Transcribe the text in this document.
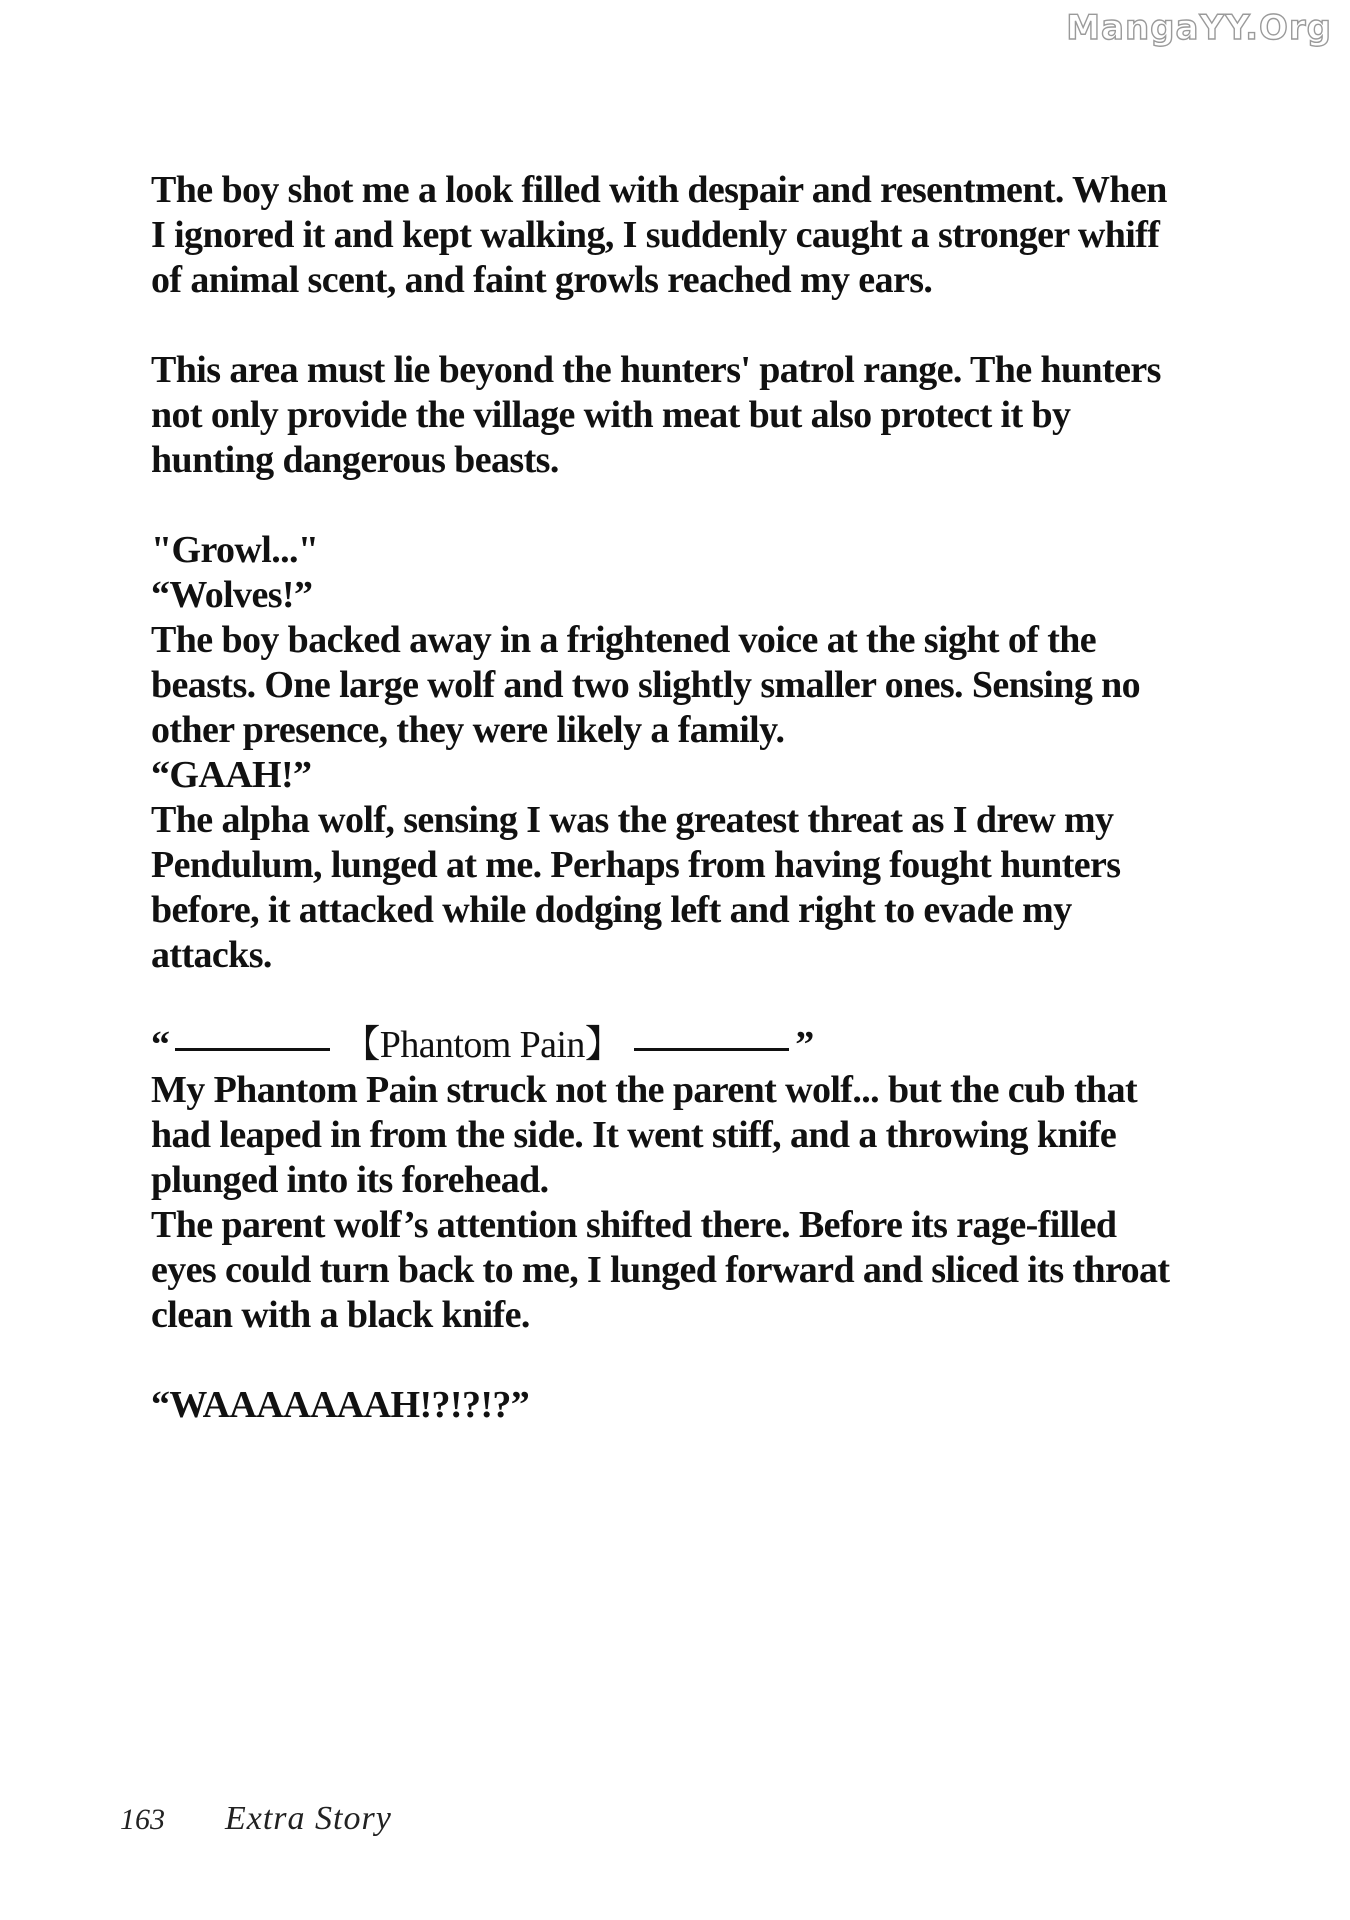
MangaYY.Org

The boy shot me a look filled with despair and resentment. When

I ignored it and kept walking, I suddenly caught a stronger whiff

of animal scent, and faint growls reached my ears.

This area must lie beyond the hunters' patrol range. The hunters

not only provide the village with meat but also protect it by

hunting dangerous beasts.

"Growl..."

“Wolves!”

The boy backed away in a frightened voice at the sight of the

beasts. One large wolf and two slightly smaller ones. Sensing no

other presence, they were likely a family.

“GAAH!”

The alpha wolf, sensing I was the greatest threat as I drew my

Pendulum, lunged at me. Perhaps from having fought hunters

before, it attacked while dodging left and right to evade my

attacks.

“	【Phantom Pain】	”

My Phantom Pain struck not the parent wolf... but the cub that

had leaped in from the side. It went stiff, and a throwing knife

plunged into its forehead.

The parent wolf’s attention shifted there. Before its rage-filled

eyes could turn back to me, I lunged forward and sliced its throat

clean with a black knife.

“WAAAAAAAH!?!?!?”

163 Extra Story
